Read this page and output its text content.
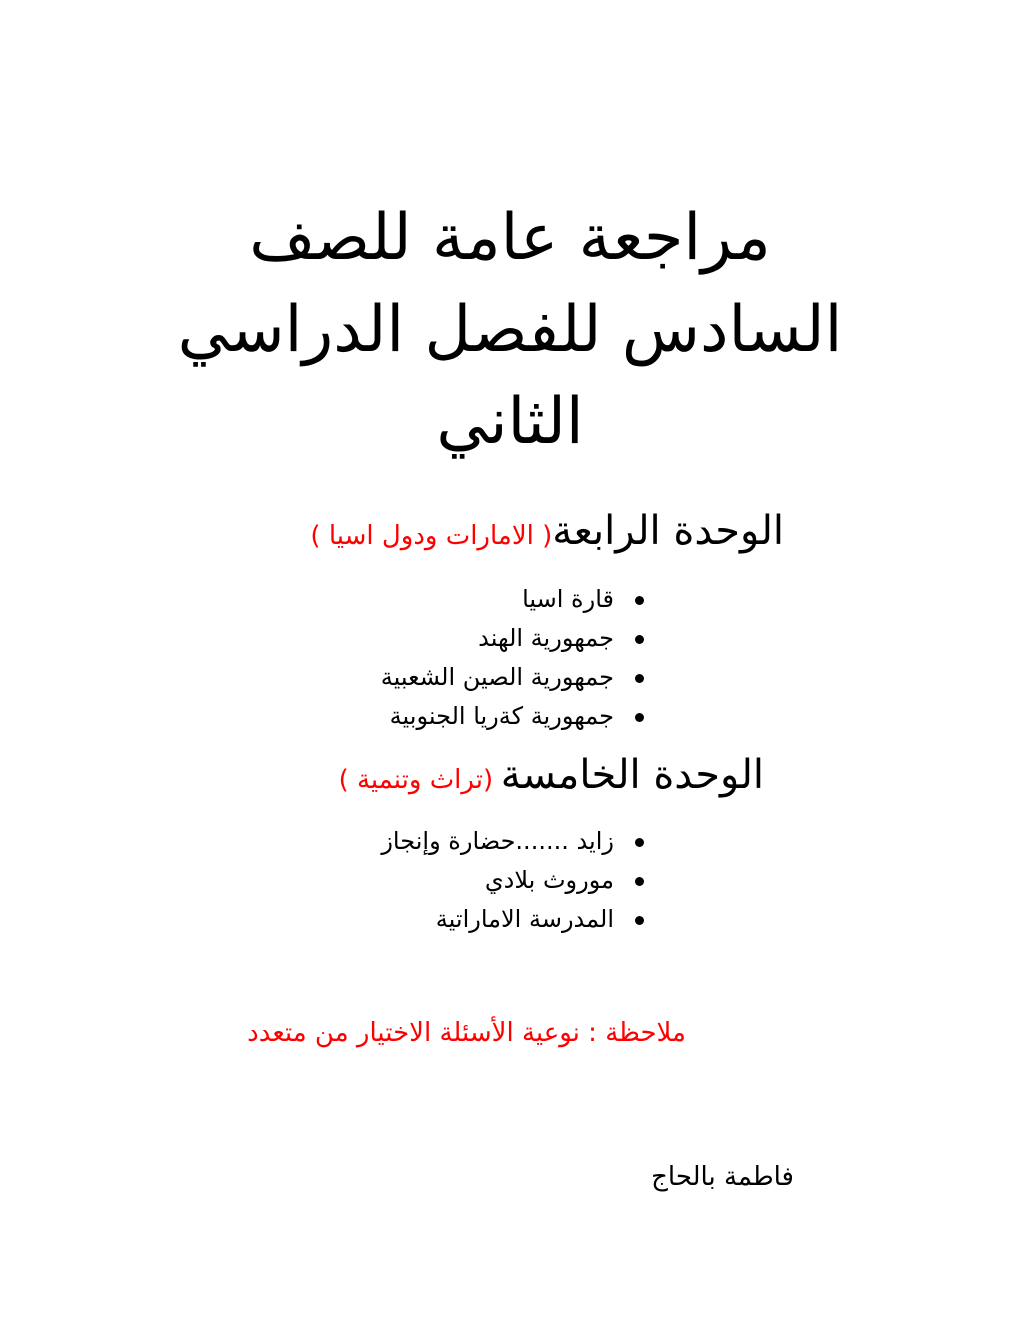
مراجعة عامة للصف
السادس للفصل الدراسي
الثاني
الوحدة الرابعة( الامارات ودول اسيا )
قارة اسيا
جمهورية الهند
جمهورية الصين الشعبية
جمهورية كةريا الجنوبية
الوحدة الخامسة (تراث وتنمية )
زايد .......حضارة وإنجاز
موروث بلادي
المدرسة الاماراتية
ملاحظة : نوعية الأسئلة الاختيار من متعدد
فاطمة بالحاج
